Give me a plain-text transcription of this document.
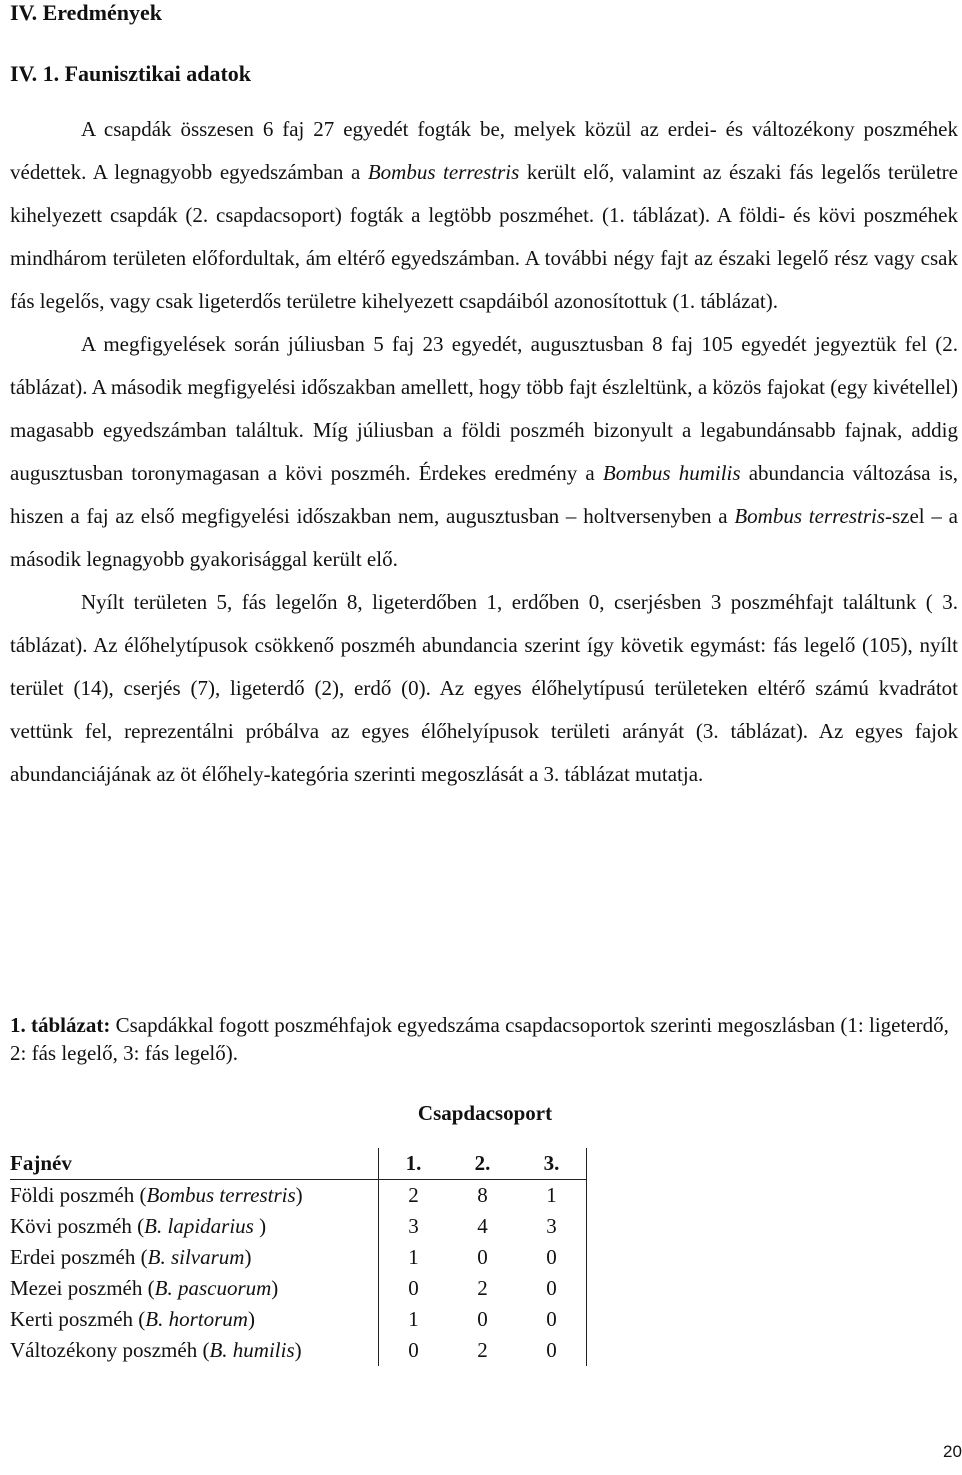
IV. Eredmények
IV. 1. Faunisztikai adatok

A csapdák összesen 6 faj 27 egyedét fogták be, melyek közül az erdei- és változékony poszméhek védettek. A legnagyobb egyedszámban a Bombus terrestris került elő, valamint az északi fás legelős területre kihelyezett csapdák (2. csapdacsoport) fogták a legtöbb poszméhet. (1. táblázat). A földi- és kövi poszméhek mindhárom területen előfordultak, ám eltérő egyedszámban. A további négy fajt az északi legelő rész vagy csak fás legelős, vagy csak ligeterdős területre kihelyezett csapdáiból azonosítottuk (1. táblázat).

A megfigyelések során júliusban 5 faj 23 egyedét, augusztusban 8 faj 105 egyedét jegyeztük fel (2. táblázat). A második megfigyelési időszakban amellett, hogy több fajt észleltünk, a közös fajokat (egy kivétellel) magasabb egyedszámban találtuk. Míg júliusban a földi poszméh bizonyult a legabundánsabb fajnak, addig augusztusban toronymagasan a kövi poszméh. Érdekes eredmény a Bombus humilis abundancia változása is, hiszen a faj az első megfigyelési időszakban nem, augusztusban – holtversenyben a Bombus terrestris-szel – a második legnagyobb gyakorisággal került elő.

Nyílt területen 5, fás legelőn 8, ligeterdőben 1, erdőben 0, cserjésben 3 poszméhfajt találtunk ( 3. táblázat). Az élőhelytípusok csökkenő poszméh abundancia szerint így követik egymást: fás legelő (105), nyílt terület (14), cserjés (7), ligeterdő (2), erdő (0). Az egyes élőhelytípusú területeken eltérő számú kvadrátot vettünk fel, reprezentálni próbálva az egyes élőhelyípusok területi arányát (3. táblázat). Az egyes fajok abundanciájának az öt élőhely-kategória szerinti megoszlását a 3. táblázat mutatja.

1. táblázat: Csapdákkal fogott poszméhfajok egyedszáma csapdacsoportok szerinti megoszlásban (1: ligeterdő, 2: fás legelő, 3: fás legelő).
Csapdacsoport
Fajnév	1.	2.	3.
Földi poszméh (Bombus terrestris)	2	8	1
Kövi poszméh (B. lapidarius )	3	4	3
Erdei poszméh (B. silvarum)	1	0	0
Mezei poszméh (B. pascuorum)	0	2	0
Kerti poszméh (B. hortorum)	1	0	0
Változékony poszméh (B. humilis)	0	2	0
20
